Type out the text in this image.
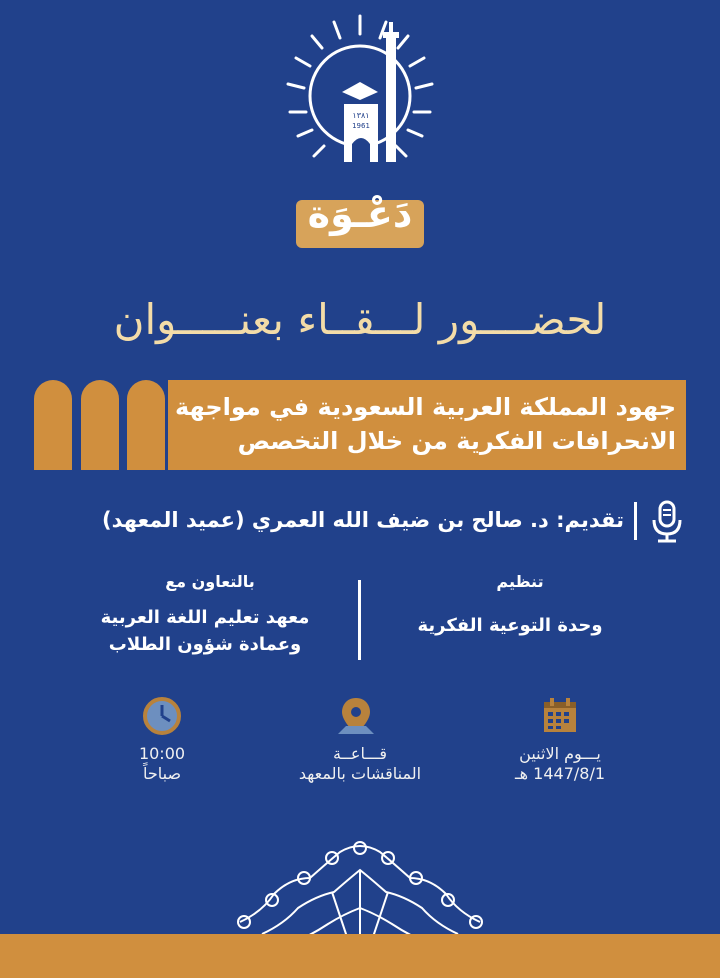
١٣٨١
1961
دَعْـوَة
لحضــــور لـــقــاء بعنـــــوان
جهود المملكة العربية السعودية في مواجهة
الانحرافات الفكرية من خلال التخصص
تقديم: د. صالح بن ضيف الله العمري (عميد المعهد)
تنظيم
وحدة التوعية الفكرية
بالتعاون مع
معهد تعليم اللغة العربية
وعمادة شؤون الطلاب
يـــوم الاثنين
1447/8/1 هـ
قـــاعــة
المناقشات بالمعهد
10:00
صباحاً
